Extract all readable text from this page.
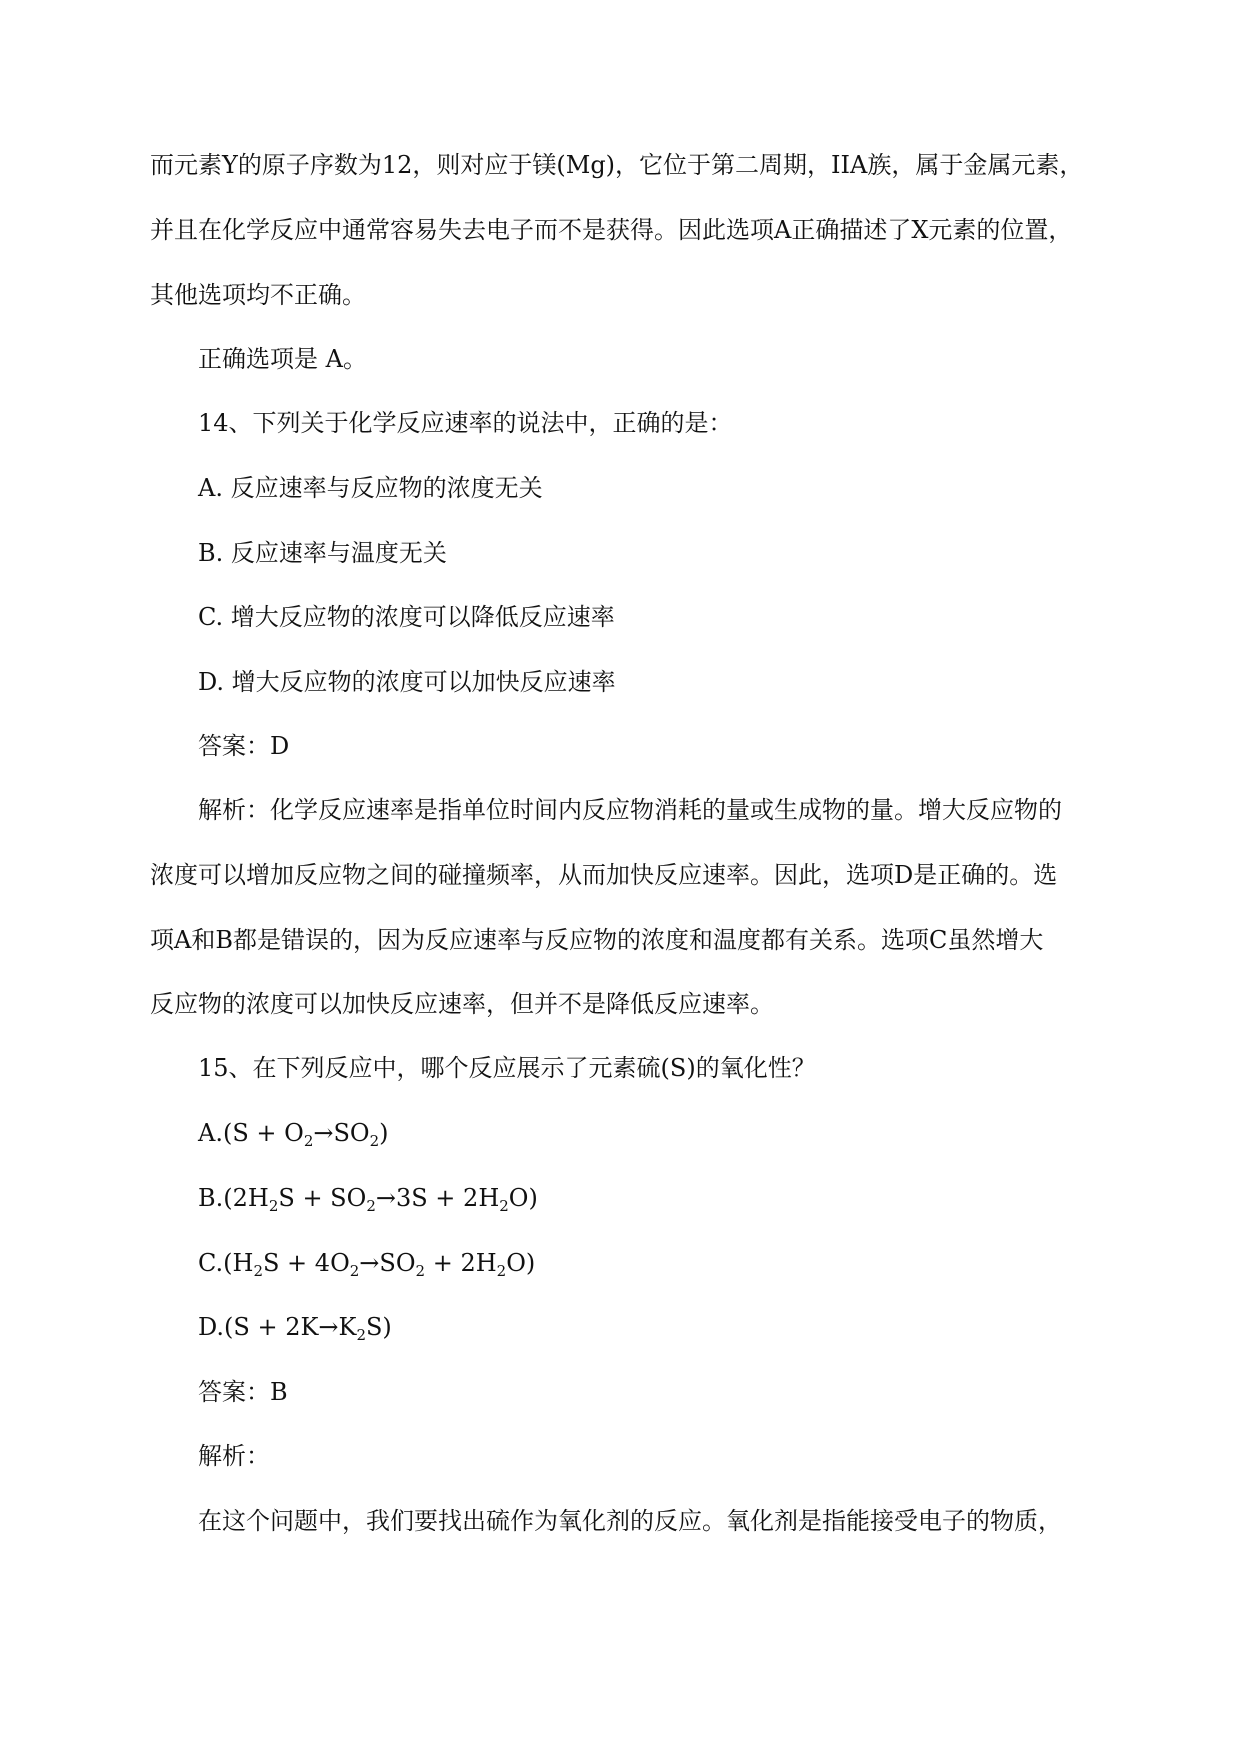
而元素Y的原子序数为12，则对应于镁(Mg)，它位于第二周期，IIA族，属于金属元素，
并且在化学反应中通常容易失去电子而不是获得。因此选项A正确描述了X元素的位置，
其他选项均不正确。
正确选项是 A。
14、下列关于化学反应速率的说法中，正确的是：
A. 反应速率与反应物的浓度无关
B. 反应速率与温度无关
C. 增大反应物的浓度可以降低反应速率
D. 增大反应物的浓度可以加快反应速率
答案：D
解析：化学反应速率是指单位时间内反应物消耗的量或生成物的量。增大反应物的
浓度可以增加反应物之间的碰撞频率，从而加快反应速率。因此，选项D是正确的。选
项A和B都是错误的，因为反应速率与反应物的浓度和温度都有关系。选项C虽然增大
反应物的浓度可以加快反应速率，但并不是降低反应速率。
15、在下列反应中，哪个反应展示了元素硫(S)的氧化性？
$A.(S + O_2\to SO_2)$
$B.(2H_2S + SO_2\to 3S + 2H_2O)$
$C.(H_2S + 4O_2\to SO_2 + 2H_2O)$
$D.(S + 2K\to K_2S)$
答案：B
解析：
在这个问题中，我们要找出硫作为氧化剂的反应。氧化剂是指能接受电子的物质，
